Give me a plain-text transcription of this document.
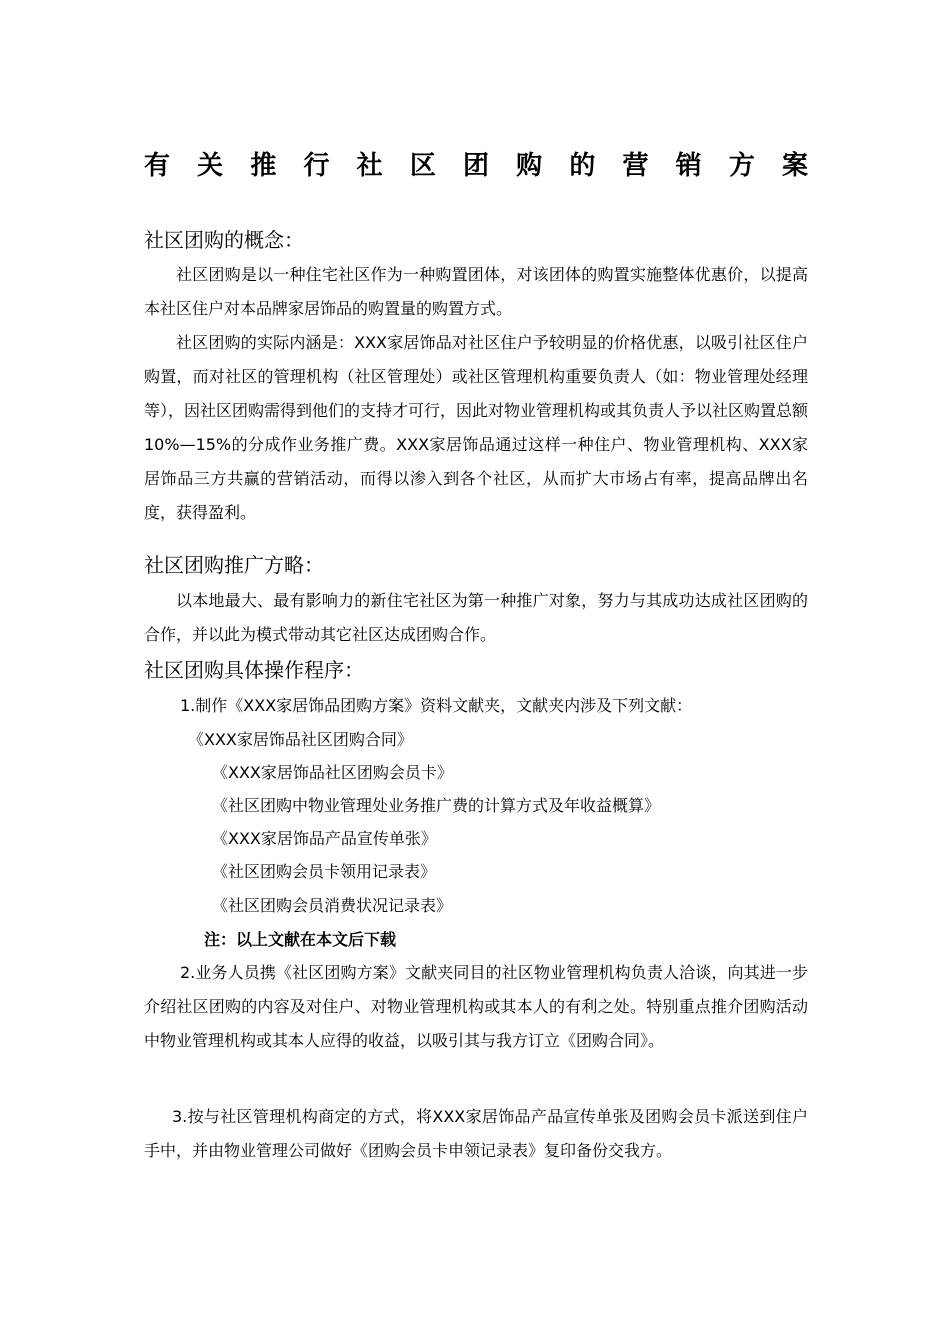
有关推行社区团购的营销方案
社区团购的概念：
社区团购是以一种住宅社区作为一种购置团体，对该团体的购置实施整体优惠价，以提高本社区住户对本品牌家居饰品的购置量的购置方式。
社区团购的实际内涵是：XXX家居饰品对社区住户予较明显的价格优惠，以吸引社区住户购置，而对社区的管理机构（社区管理处）或社区管理机构重要负责人（如：物业管理处经理等），因社区团购需得到他们的支持才可行，因此对物业管理机构或其负责人予以社区购置总额10%—15%的分成作业务推广费。XXX家居饰品通过这样一种住户、物业管理机构、XXX家居饰品三方共赢的营销活动，而得以渗入到各个社区，从而扩大市场占有率，提高品牌出名度，获得盈利。
社区团购推广方略：
以本地最大、最有影响力的新住宅社区为第一种推广对象，努力与其成功达成社区团购的合作，并以此为模式带动其它社区达成团购合作。
社区团购具体操作程序：
1.制作《XXX家居饰品团购方案》资料文献夹，文献夹内涉及下列文献：
《XXX家居饰品社区团购合同》
《XXX家居饰品社区团购会员卡》
《社区团购中物业管理处业务推广费的计算方式及年收益概算》
《XXX家居饰品产品宣传单张》
《社区团购会员卡领用记录表》
《社区团购会员消费状况记录表》
注：以上文献在本文后下载
2.业务人员携《社区团购方案》文献夹同目的社区物业管理机构负责人洽谈，向其进一步介绍社区团购的内容及对住户、对物业管理机构或其本人的有利之处。特别重点推介团购活动中物业管理机构或其本人应得的收益，以吸引其与我方订立《团购合同》。
3.按与社区管理机构商定的方式，将XXX家居饰品产品宣传单张及团购会员卡派送到住户手中，并由物业管理公司做好《团购会员卡申领记录表》复印备份交我方。
